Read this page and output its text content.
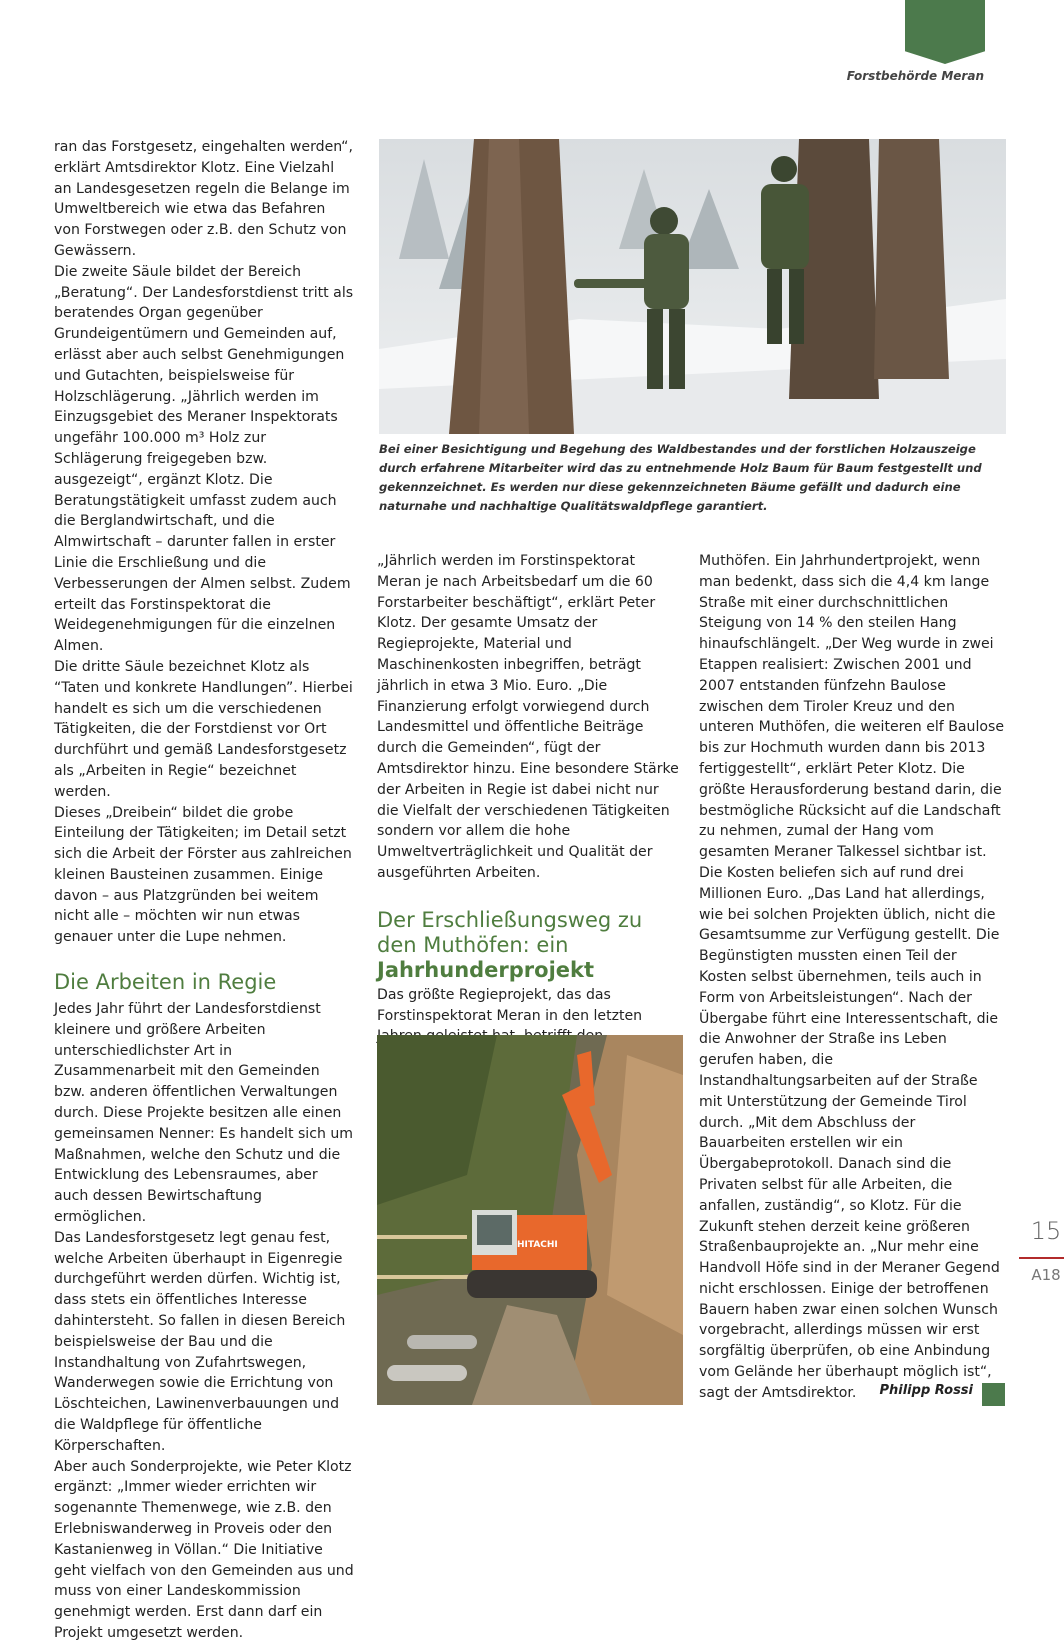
Forstbehörde Meran

ran das Forstgesetz, eingehalten werden“, erklärt Amtsdirektor Klotz. Eine Vielzahl an Landesgesetzen regeln die Belange im Umweltbereich wie etwa das Befahren von Forstwegen oder z.B. den Schutz von Gewässern.

Die zweite Säule bildet der Bereich „Beratung“. Der Landesforstdienst tritt als beratendes Organ gegenüber Grundeigentümern und Gemeinden auf, erlässt aber auch selbst Genehmigungen und Gutachten, beispielsweise für Holzschlägerung. „Jährlich werden im Einzugsgebiet des Meraner Inspektorats ungefähr 100.000 m³ Holz zur Schlägerung freigegeben bzw. ausgezeigt“, ergänzt Klotz. Die Beratungstätigkeit umfasst zudem auch die Berglandwirtschaft, und die Almwirtschaft – darunter fallen in erster Linie die Erschließung und die Verbesserungen der Almen selbst. Zudem erteilt das Forstinspektorat die Weidegenehmigungen für die einzelnen Almen.

Die dritte Säule bezeichnet Klotz als “Taten und konkrete Handlungen”. Hierbei handelt es sich um die verschiedenen Tätigkeiten, die der Forstdienst vor Ort durchführt und gemäß Landesforstgesetz als „Arbeiten in Regie“ bezeichnet werden.

Dieses „Dreibein“ bildet die grobe Einteilung der Tätigkeiten; im Detail setzt sich die Arbeit der Förster aus zahlreichen kleinen Bausteinen zusammen. Einige davon – aus Platzgründen bei weitem nicht alle – möchten wir nun etwas genauer unter die Lupe nehmen.

Die Arbeiten in Regie

Jedes Jahr führt der Landesforstdienst kleinere und größere Arbeiten unterschiedlichster Art in Zusammenarbeit mit den Gemeinden bzw. anderen öffentlichen Verwaltungen durch. Diese Projekte besitzen alle einen gemeinsamen Nenner: Es handelt sich um Maßnahmen, welche den Schutz und die Entwicklung des Lebensraumes, aber auch dessen Bewirtschaftung ermöglichen.

Das Landesforstgesetz legt genau fest, welche Arbeiten überhaupt in Eigenregie durchgeführt werden dürfen. Wichtig ist, dass stets ein öffentliches Interesse dahintersteht. So fallen in diesen Bereich beispielsweise der Bau und die Instandhaltung von Zufahrtswegen, Wanderwegen sowie die Errichtung von Löschteichen, Lawinenverbauungen und die Waldpflege für öffentliche Körperschaften.

Aber auch Sonderprojekte, wie Peter Klotz ergänzt: „Immer wieder errichten wir sogenannte Themenwege, wie z.B. den Erlebniswanderweg in Proveis oder den Kastanienweg in Völlan.“ Die Initiative geht vielfach von den Gemeinden aus und muss von einer Landeskommission genehmigt werden. Erst dann darf ein Projekt umgesetzt werden.

Bei einer Besichtigung und Begehung des Waldbestandes und der forstlichen Holzauszeige durch erfahrene Mitarbeiter wird das zu entnehmende Holz Baum für Baum festgestellt und gekennzeichnet. Es werden nur diese gekennzeichneten Bäume gefällt und dadurch eine naturnahe und nachhaltige Qualitätswaldpflege garantiert.

„Jährlich werden im Forstinspektorat Meran je nach Arbeitsbedarf um die 60 Forstarbeiter beschäftigt“, erklärt Peter Klotz. Der gesamte Umsatz der Regieprojekte, Material und Maschinenkosten inbegriffen, beträgt jährlich in etwa 3 Mio. Euro. „Die Finanzierung erfolgt vorwiegend durch Landesmittel und öffentliche Beiträge durch die Gemeinden“, fügt der Amtsdirektor hinzu. Eine besondere Stärke der Arbeiten in Regie ist dabei nicht nur die Vielfalt der verschiedenen Tätigkeiten sondern vor allem die hohe Umweltverträglichkeit und Qualität der ausgeführten Arbeiten.

Der Erschließungsweg zu den Muthöfen: ein Jahrhunderprojekt

Das größte Regieprojekt, das das Forstinspektorat Meran in den letzten

HITACHI

Muthöfen. Ein Jahrhundertprojekt, wenn man bedenkt, dass sich die 4,4 km lange Straße mit einer durchschnittlichen Steigung von 14 % den steilen Hang hinaufschlängelt. „Der Weg wurde in zwei Etappen realisiert: Zwischen 2001 und 2007 entstanden fünfzehn Baulose zwischen dem Tiroler Kreuz und den unteren Muthöfen, die weiteren elf Baulose bis zur Hochmuth wurden dann bis 2013 fertiggestellt“, erklärt Peter Klotz. Die größte Herausforderung bestand darin, die bestmögliche Rücksicht auf die Landschaft zu nehmen, zumal der Hang vom gesamten Meraner Talkessel sichtbar ist. Die Kosten beliefen sich auf rund drei Millionen Euro. „Das Land hat allerdings, wie bei solchen Projekten üblich, nicht die Gesamtsumme zur Verfügung gestellt. Die Begünstigten mussten einen Teil der Kosten selbst übernehmen, teils auch in Form von Arbeitsleistungen“. Nach der Übergabe führt eine Interessentschaft, die die Anwohner der Straße ins Leben gerufen haben, die Instandhaltungsarbeiten auf der Straße mit Unterstützung der Gemeinde Tirol durch. „Mit dem Abschluss der Bauarbeiten erstellen wir ein Übergabeprotokoll. Danach sind die Privaten selbst für alle Arbeiten, die anfallen, zuständig“, so Klotz. Für die Zukunft stehen derzeit keine größeren Straßenbauprojekte an. „Nur mehr eine Handvoll Höfe sind in der Meraner Gegend nicht erschlossen. Einige der betroffenen Bauern haben zwar einen solchen Wunsch vorgebracht, allerdings müssen wir erst sorgfältig überprüfen, ob eine Anbindung vom Gelände her überhaupt möglich ist“, sagt der Amtsdirektor.	Philipp Rossi
15
A18
